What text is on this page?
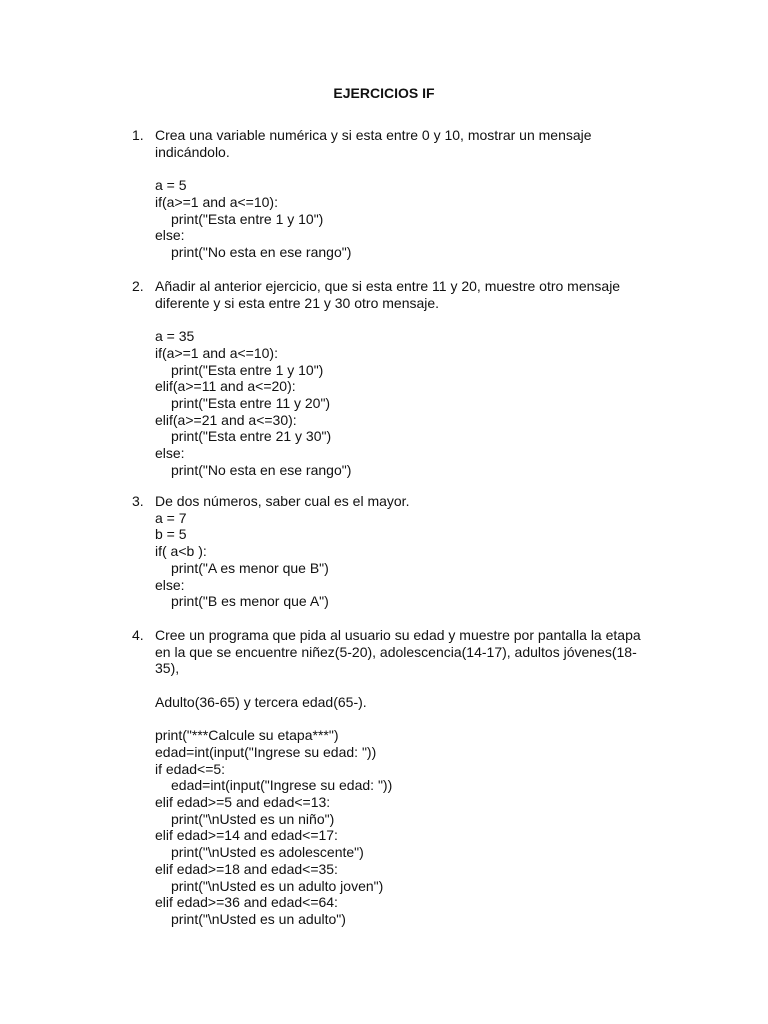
EJERCICIOS IF
1. Crea una variable numérica y si esta entre 0 y 10, mostrar un mensaje indicándolo.
a = 5
if(a>=1 and a<=10):
print("Esta entre 1 y 10")
else:
print("No esta en ese rango")
2. Añadir al anterior ejercicio, que si esta entre 11 y 20, muestre otro mensaje diferente y si esta entre 21 y 30 otro mensaje.
a = 35
if(a>=1 and a<=10):
print("Esta entre 1 y 10")
elif(a>=11 and a<=20):
print("Esta entre 11 y 20")
elif(a>=21 and a<=30):
print("Esta entre 21 y 30")
else:
print("No esta en ese rango")
3. De dos números, saber cual es el mayor.
a = 7
b = 5
if( a<b ):
print("A es menor que B")
else:
print("B es menor que A")
4. Cree un programa que pida al usuario su edad y muestre por pantalla la etapa en la que se encuentre niñez(5-20), adolescencia(14-17), adultos jóvenes(18-35),
Adulto(36-65) y tercera edad(65-).
print("***Calcule su etapa***")
edad=int(input("Ingrese su edad: "))
if edad<=5:
edad=int(input("Ingrese su edad: "))
elif edad>=5 and edad<=13:
print("\nUsted es un niño")
elif edad>=14 and edad<=17:
print("\nUsted es adolescente")
elif edad>=18 and edad<=35:
print("\nUsted es un adulto joven")
elif edad>=36 and edad<=64:
print("\nUsted es un adulto")
